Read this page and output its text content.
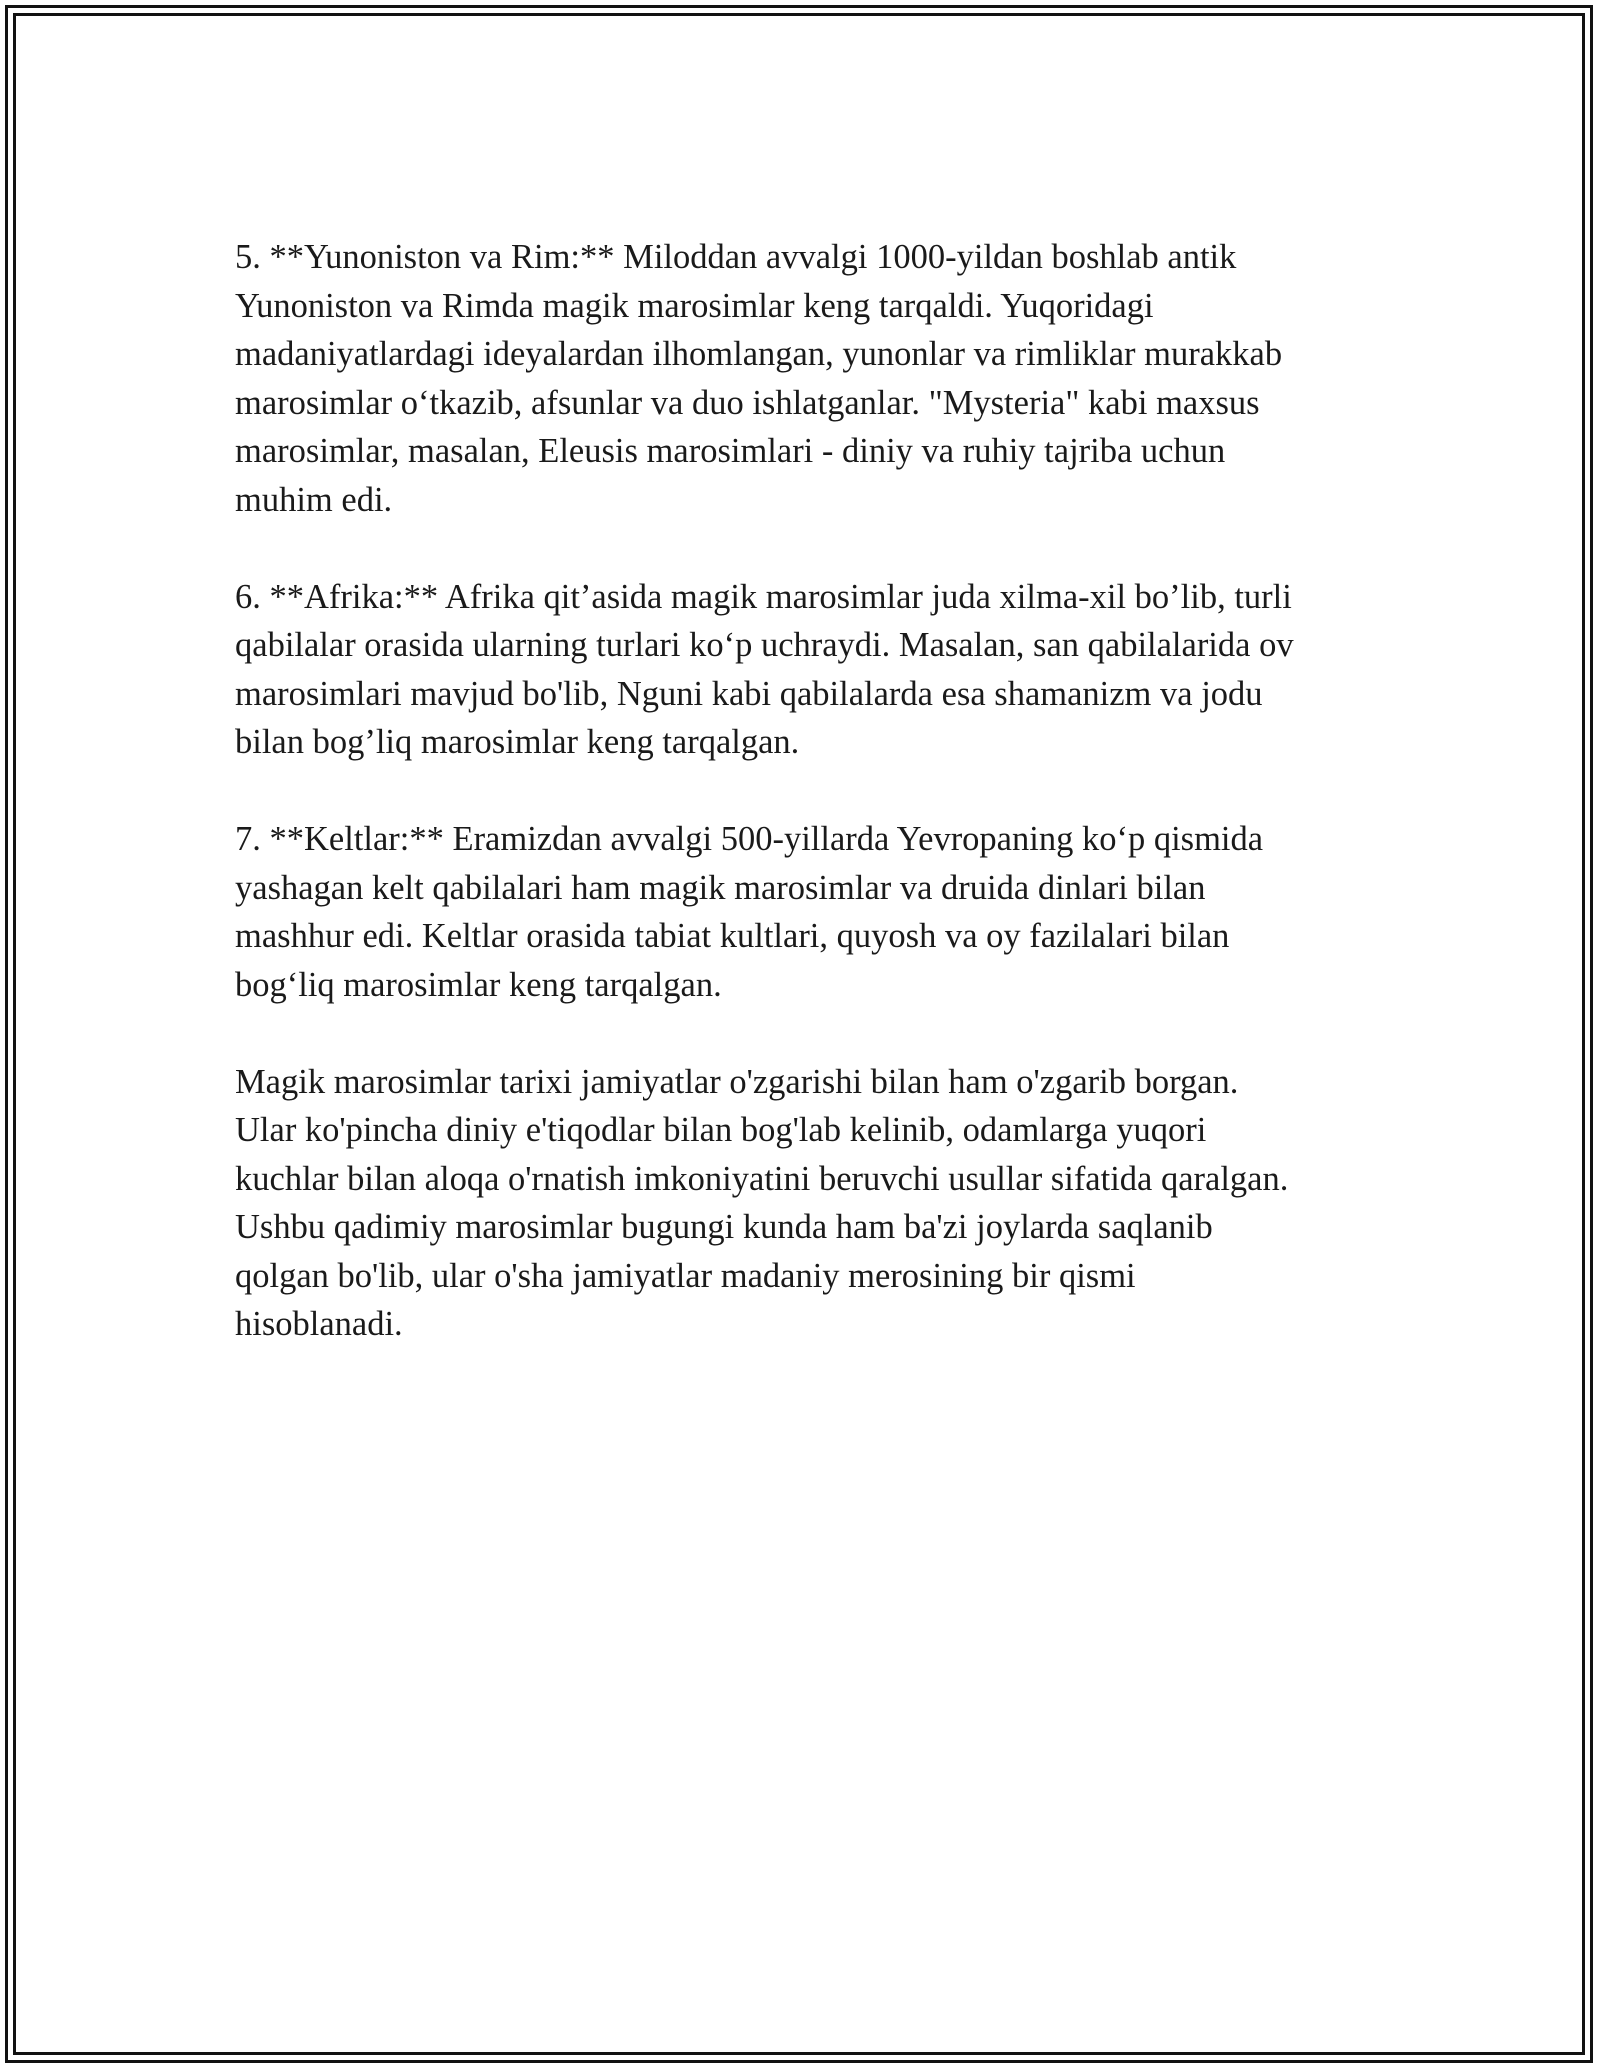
5. **Yunoniston va Rim:** Miloddan avvalgi 1000-yildan boshlab antik
Yunoniston va Rimda magik marosimlar keng tarqaldi. Yuqoridagi
madaniyatlardagi ideyalardan ilhomlangan, yunonlar va rimliklar murakkab
marosimlar o‘tkazib, afsunlar va duo ishlatganlar. "Mysteria" kabi maxsus
marosimlar, masalan, Eleusis marosimlari - diniy va ruhiy tajriba uchun
muhim edi.

6. **Afrika:** Afrika qit’asida magik marosimlar juda xilma-xil bo’lib, turli
qabilalar orasida ularning turlari ko‘p uchraydi. Masalan, san qabilalarida ov
marosimlari mavjud bo'lib, Nguni kabi qabilalarda esa shamanizm va jodu
bilan bog’liq marosimlar keng tarqalgan.

7. **Keltlar:** Eramizdan avvalgi 500-yillarda Yevropaning ko‘p qismida
yashagan kelt qabilalari ham magik marosimlar va druida dinlari bilan
mashhur edi. Keltlar orasida tabiat kultlari, quyosh va oy fazilalari bilan
bog‘liq marosimlar keng tarqalgan.

Magik marosimlar tarixi jamiyatlar o'zgarishi bilan ham o'zgarib borgan.
Ular ko'pincha diniy e'tiqodlar bilan bog'lab kelinib, odamlarga yuqori
kuchlar bilan aloqa o'rnatish imkoniyatini beruvchi usullar sifatida qaralgan.
Ushbu qadimiy marosimlar bugungi kunda ham ba'zi joylarda saqlanib
qolgan bo'lib, ular o'sha jamiyatlar madaniy merosining bir qismi
hisoblanadi.
